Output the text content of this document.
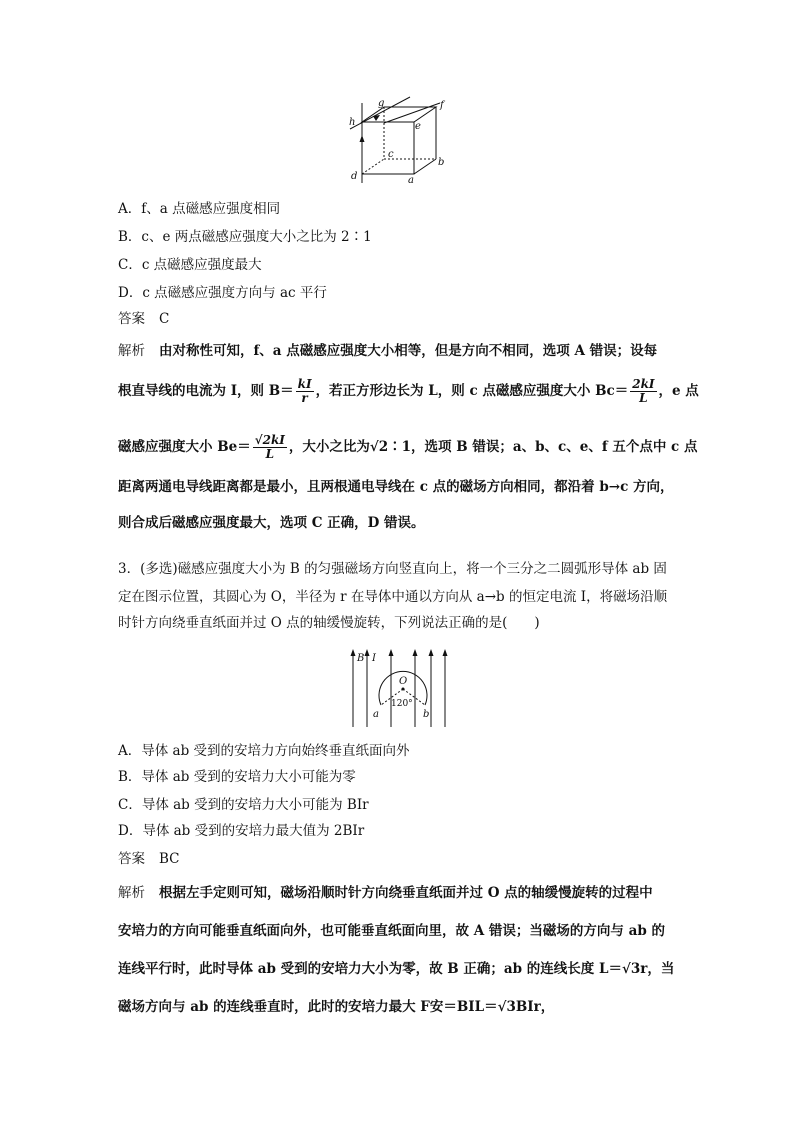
h
g	f
e
c
b
d	a
A．f、a 点磁感应强度相同
B．c、e 两点磁感应强度大小之比为 2∶1
C．c 点磁感应强度最大
D．c 点磁感应强度方向与 ac 平行
答案 C
解析 由对称性可知，f、a 点磁感应强度大小相等，但是方向不相同，选项 A 错误；设每
根直导线的电流为 I，则 $B= \frac{kI}{r}$ ，若正方形边长为 L，则 c 点磁感应强度大小 $Bc= \frac{2kI}{L}$ ，e 点
磁感应强度大小 $Be= \frac{√2kI}{L}$ ，大小之比为√2∶1，选项 B 错误；a、b、c、e、f 五个点中 c 点
距离两通电导线距离都是最小，且两根通电导线在 c 点的磁场方向相同，都沿着 b→c 方向，
则合成后磁感应强度最大，选项 C 正确，D 错误。
3．(多选)磁感应强度大小为 B 的匀强磁场方向竖直向上，将一个三分之二圆弧形导体 ab 固
定在图示位置，其圆心为 O，半径为 r 在导体中通以方向从 a→b 的恒定电流 I，将磁场沿顺
时针方向绕垂直纸面并过 O 点的轴缓慢旋转，下列说法正确的是(　　)
B I
O
120°
a	b
A．导体 ab 受到的安培力方向始终垂直纸面向外
B．导体 ab 受到的安培力大小可能为零
C．导体 ab 受到的安培力大小可能为 BIr
D．导体 ab 受到的安培力最大值为 2BIr
答案 BC
解析 根据左手定则可知，磁场沿顺时针方向绕垂直纸面并过 O 点的轴缓慢旋转的过程中
安培力的方向可能垂直纸面向外，也可能垂直纸面向里，故 A 错误；当磁场的方向与 ab 的
连线平行时，此时导体 ab 受到的安培力大小为零，故 B 正确；ab 的连线长度 L＝√3r，当
磁场方向与 ab 的连线垂直时，此时的安培力最大 F安＝BIL＝√3BIr，
